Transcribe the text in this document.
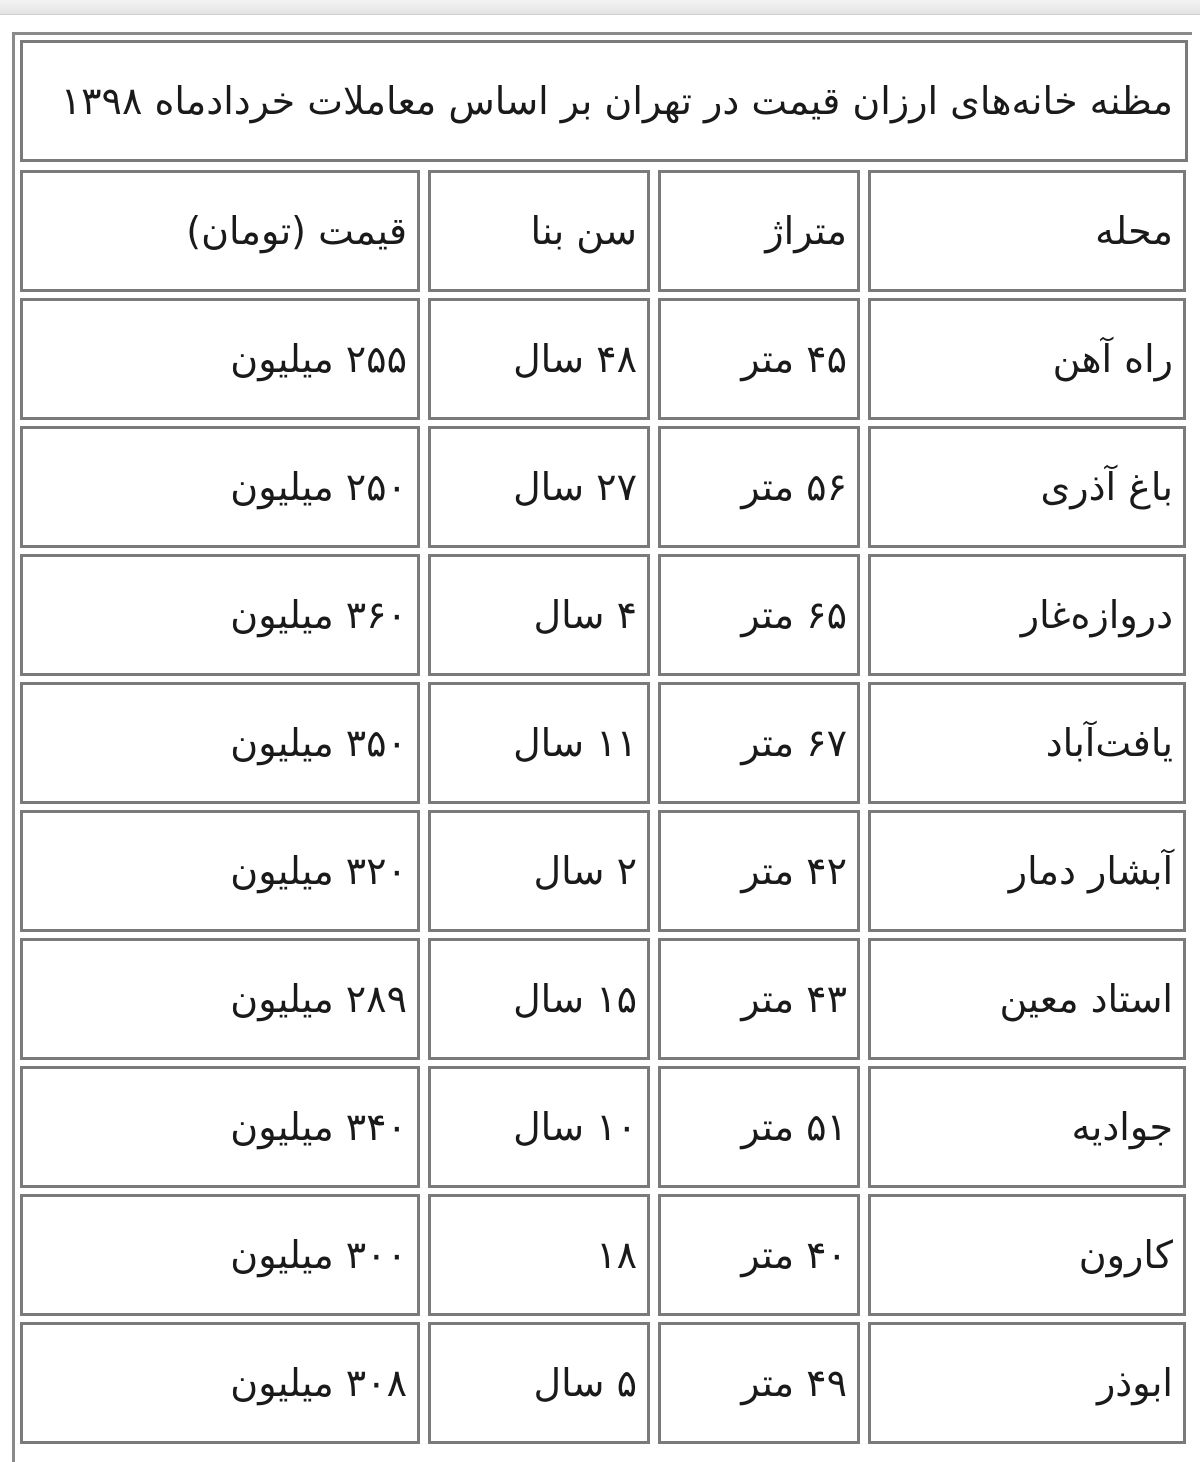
مظنه خانه‌های ارزان قیمت در تهران بر اساس معاملات خردادماه ۱۳۹۸
محله
متراژ
سن بنا
قیمت (تومان)
راه آهن
۴۵ متر
۴۸ سال
۲۵۵ میلیون
باغ آذری
۵۶ متر
۲۷ سال
۲۵۰ میلیون
دروازه‌غار
۶۵ متر
۴ سال
۳۶۰ میلیون
یافت‌آباد
۶۷ متر
۱۱ سال
۳۵۰ میلیون
آبشار دمار
۴۲ متر
۲ سال
۳۲۰ میلیون
استاد معین
۴۳ متر
۱۵ سال
۲۸۹ میلیون
جوادیه
۵۱ متر
۱۰ سال
۳۴۰ میلیون
کارون
۴۰ متر
۱۸
۳۰۰ میلیون
ابوذر
۴۹ متر
۵ سال
۳۰۸ میلیون
